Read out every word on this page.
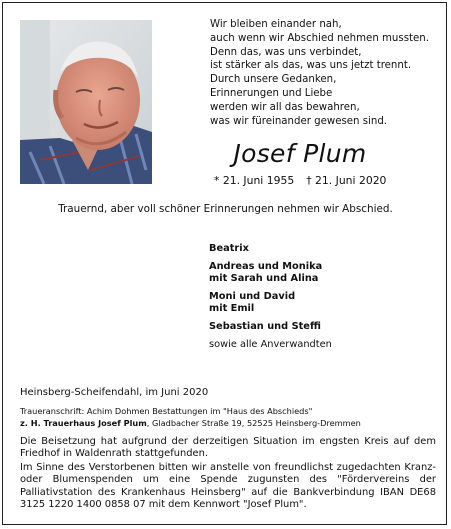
Wir bleiben einander nah,
auch wenn wir Abschied nehmen mussten.
Denn das, was uns verbindet,
ist stärker als das, was uns jetzt trennt.
Durch unsere Gedanken,
Erinnerungen und Liebe
werden wir all das bewahren,
was wir füreinander gewesen sind.
Josef Plum
* 21. Juni 1955 † 21. Juni 2020
Trauernd, aber voll schöner Erinnerungen nehmen wir Abschied.
Beatrix
Andreas und Monika
mit Sarah und Alina
Moni und David
mit Emil
Sebastian und Steffi
sowie alle Anverwandten
Heinsberg-Scheifendahl, im Juni 2020
Traueranschrift: Achim Dohmen Bestattungen im "Haus des Abschieds"
z. H. Trauerhaus Josef Plum, Gladbacher Straße 19, 52525 Heinsberg-Dremmen
Die Beisetzung hat aufgrund der derzeitigen Situation im engsten Kreis auf dem Friedhof in Waldenrath stattgefunden.
Im Sinne des Verstorbenen bitten wir anstelle von freundlichst zugedachten Kranz- oder Blumenspenden um eine Spende zugunsten des "Fördervereins der Palliativstation des Krankenhaus Heinsberg" auf die Bankverbindung IBAN DE68 3125 1220 1400 0858 07 mit dem Kennwort "Josef Plum".
